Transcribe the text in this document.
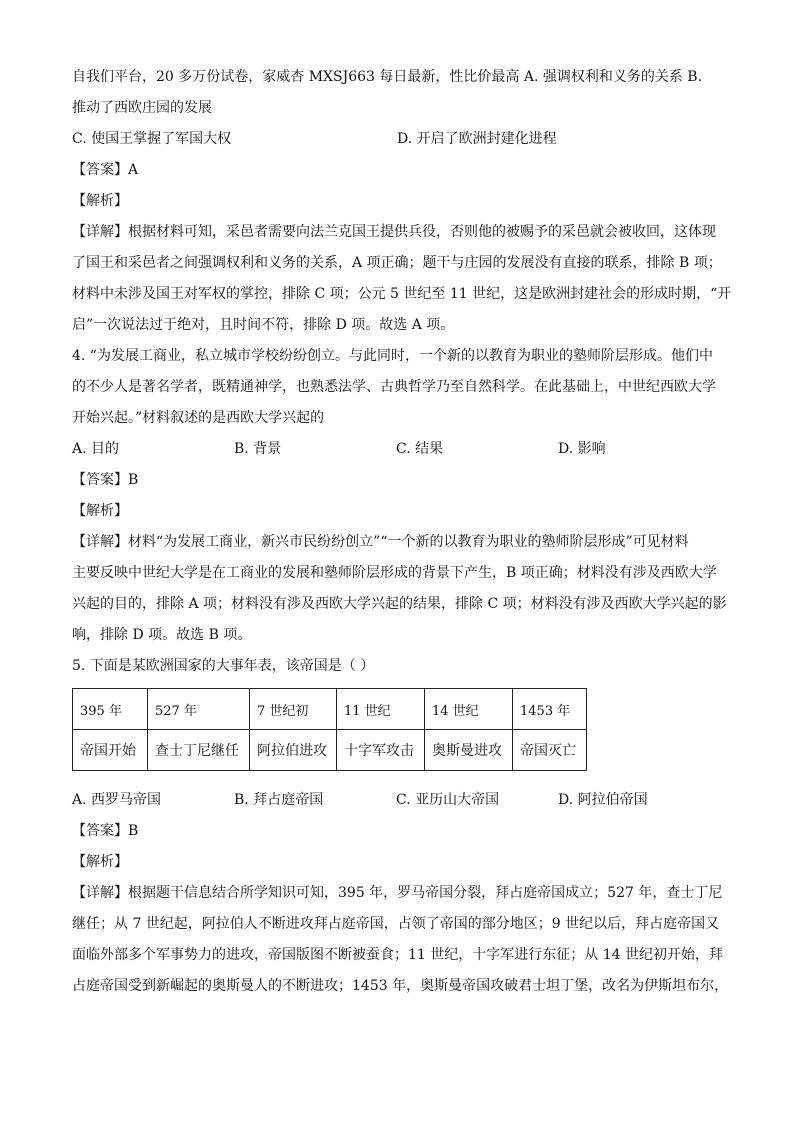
自我们平台，20 多万份试卷，家威杏 MXSJ663 每日最新，性比价最高 A. 强调权利和义务的关系 B.
推动了西欧庄园的发展
C. 使国王掌握了军国大权	D. 开启了欧洲封建化进程
【答案】A
【解析】
【详解】根据材料可知，采邑者需要向法兰克国王提供兵役，否则他的被赐予的采邑就会被收回，这体现
了国王和采邑者之间强调权利和义务的关系，A 项正确；题干与庄园的发展没有直接的联系，排除 B 项；
材料中未涉及国王对军权的掌控，排除 C 项；公元 5 世纪至 11 世纪，这是欧洲封建社会的形成时期，“开
启”一次说法过于绝对，且时间不符，排除 D 项。故选 A 项。
4. “为发展工商业，私立城市学校纷纷创立。与此同时，一个新的以教育为职业的塾师阶层形成。他们中
的不少人是著名学者，既精通神学，也熟悉法学、古典哲学乃至自然科学。在此基础上，中世纪西欧大学
开始兴起。”材料叙述的是西欧大学兴起的
A. 目的	B. 背景	C. 结果	D. 影响
【答案】B
【解析】
【详解】材料“为发展工商业，新兴市民纷纷创立”“一个新的以教育为职业的塾师阶层形成”可见材料
主要反映中世纪大学是在工商业的发展和塾师阶层形成的背景下产生，B 项正确；材料没有涉及西欧大学
兴起的目的，排除 A 项；材料没有涉及西欧大学兴起的结果，排除 C 项；材料没有涉及西欧大学兴起的影
响，排除 D 项。故选 B 项。
5. 下面是某欧洲国家的大事年表，该帝国是（ ）
395 年	527 年	7 世纪初	11 世纪	14 世纪	1453 年
帝国开始	查士丁尼继任	阿拉伯进攻	十字军攻击	奥斯曼进攻	帝国灭亡
A. 西罗马帝国	B. 拜占庭帝国	C. 亚历山大帝国	D. 阿拉伯帝国
【答案】B
【解析】
【详解】根据题干信息结合所学知识可知，395 年，罗马帝国分裂，拜占庭帝国成立；527 年，查士丁尼
继任；从 7 世纪起，阿拉伯人不断进攻拜占庭帝国，占领了帝国的部分地区；9 世纪以后，拜占庭帝国又
面临外部多个军事势力的进攻，帝国版图不断被蚕食；11 世纪，十字军进行东征；从 14 世纪初开始，拜
占庭帝国受到新崛起的奥斯曼人的不断进攻；1453 年，奥斯曼帝国攻破君士坦丁堡，改名为伊斯坦布尔，
